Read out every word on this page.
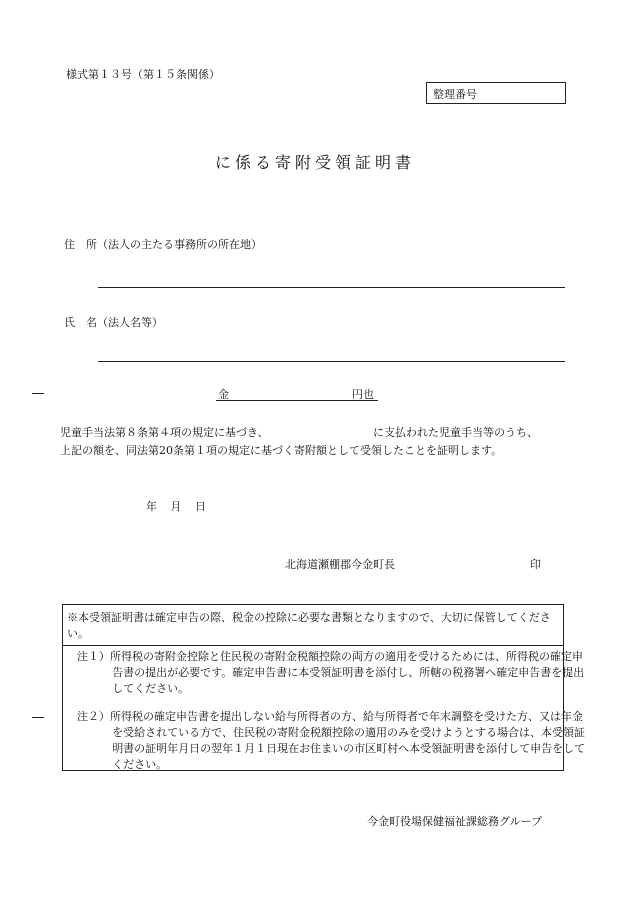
様式第１３号（第１５条関係）
整理番号
に係る寄附受領証明書
住　所（法人の主たる事務所の所在地）
氏　名（法人名等）
金	円也
児童手当法第８条第４項の規定に基づき、　　　　　　　　　　に支払われた児童手当等のうち、
上記の額を、同法第20条第１項の規定に基づく寄附額として受領したことを証明します。
年 月 日
北海道瀬棚郡今金町長	印
※本受領証明書は確定申告の際、税金の控除に必要な書類となりますので、大切に保管してください。
注１）所得税の寄附金控除と住民税の寄附金税額控除の両方の適用を受けるためには、所得税の確定申告書の提出が必要です。確定申告書に本受領証明書を添付し、所轄の税務署へ確定申告書を提出してください。
注２）所得税の確定申告書を提出しない給与所得者の方、給与所得者で年末調整を受けた方、又は年金を受給されている方で、住民税の寄附金税額控除の適用のみを受けようとする場合は、本受領証明書の証明年月日の翌年１月１日現在お住まいの市区町村へ本受領証明書を添付して申告をしてください。
今金町役場保健福祉課総務グループ
